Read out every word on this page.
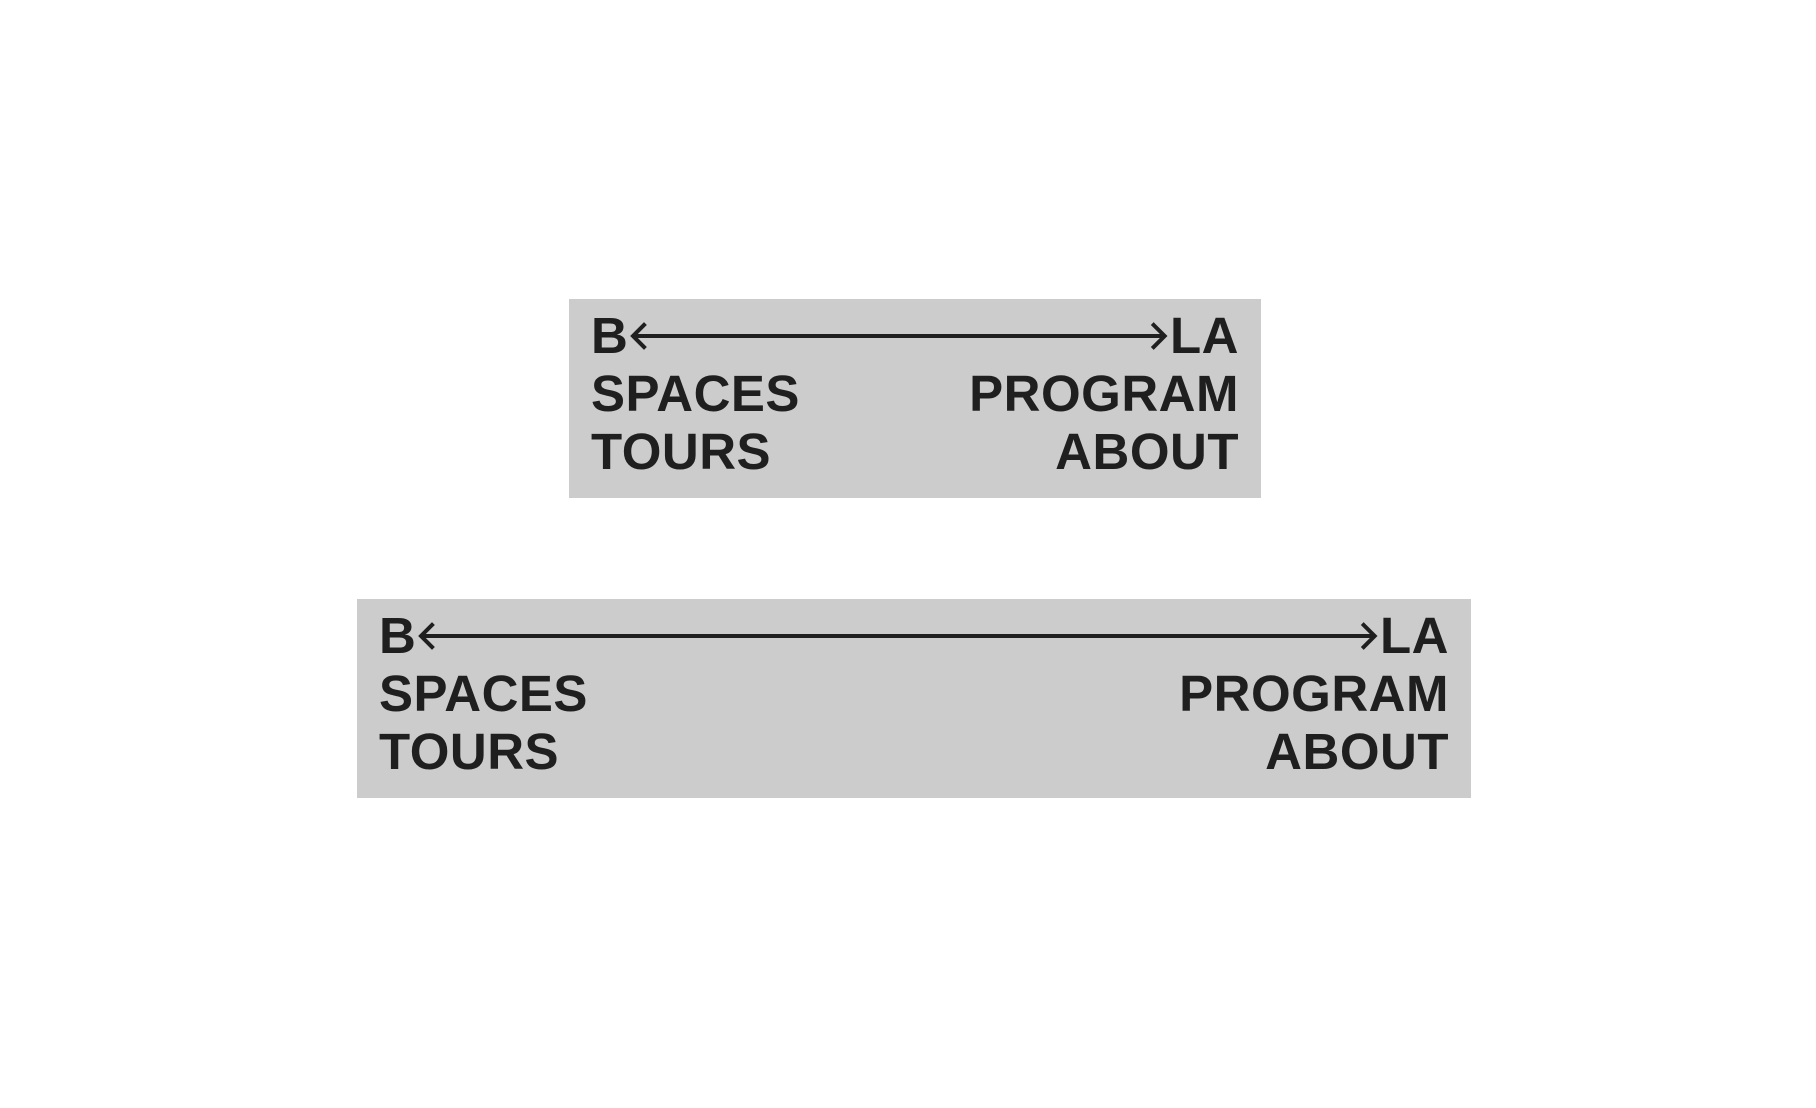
B	LA
SPACES	PROGRAM
TOURS	ABOUT
B	LA
SPACES	PROGRAM
TOURS	ABOUT
